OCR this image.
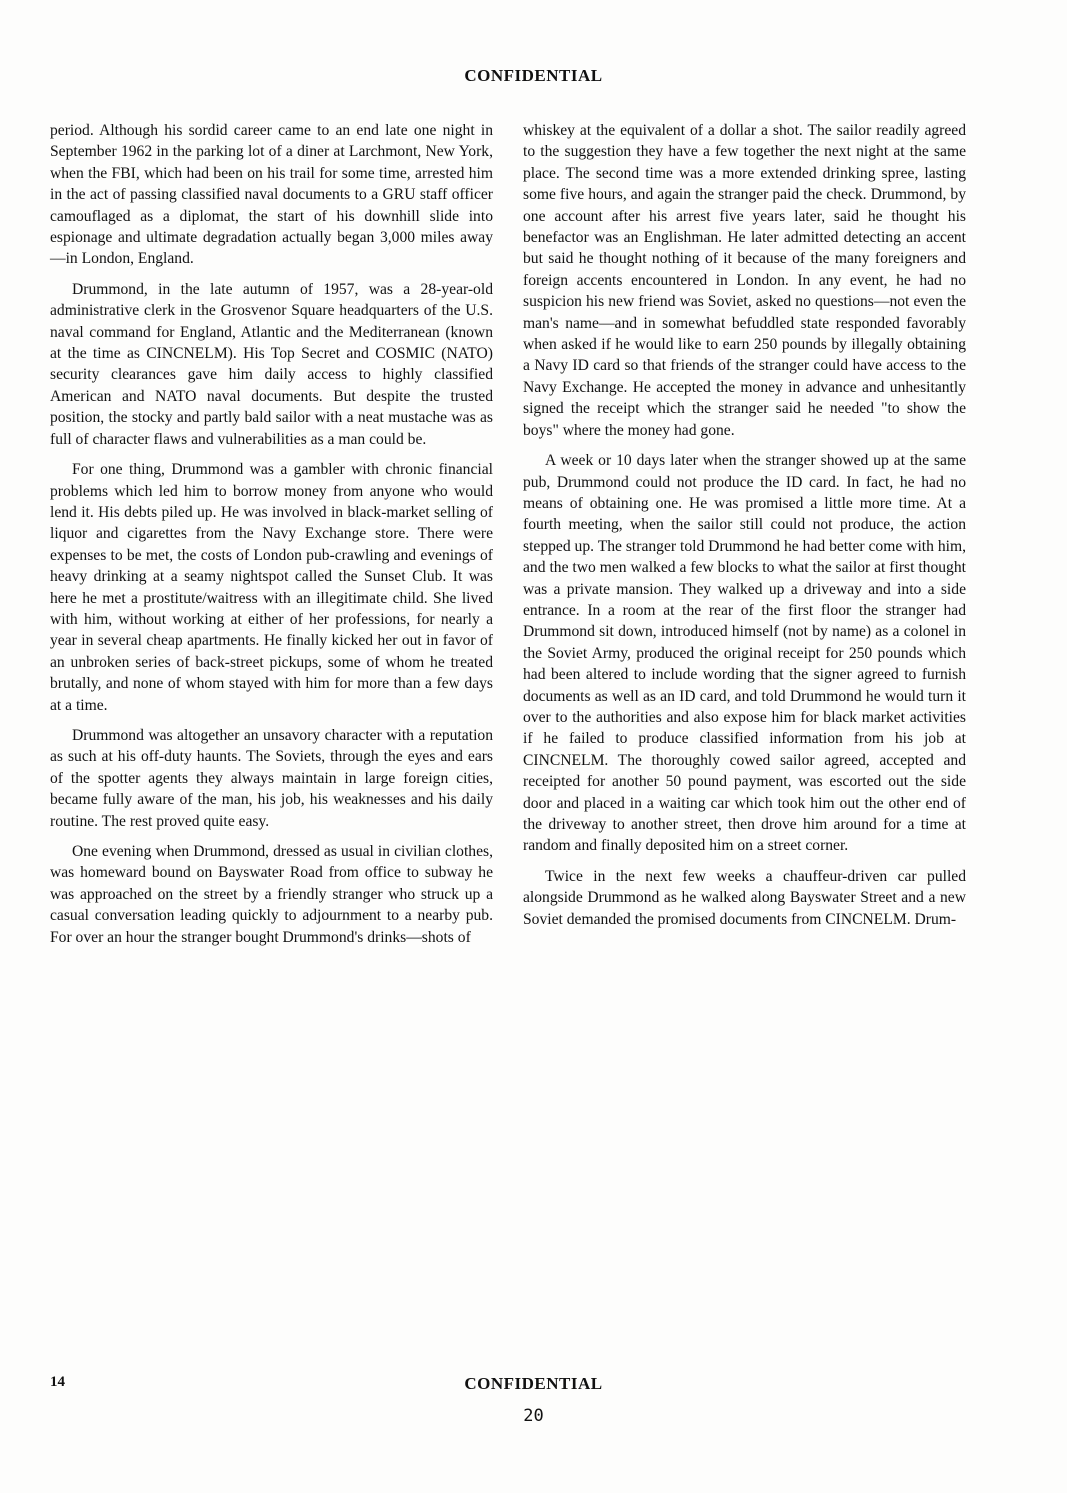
CONFIDENTIAL

period. Although his sordid career came to an end late one night in September 1962 in the parking lot of a diner at Larchmont, New York, when the FBI, which had been on his trail for some time, arrested him in the act of passing classified naval documents to a GRU staff officer camouflaged as a diplomat, the start of his downhill slide into espionage and ultimate degradation actually began 3,000 miles away—in London, England.

Drummond, in the late autumn of 1957, was a 28-year-old administrative clerk in the Grosvenor Square headquarters of the U.S. naval command for England, Atlantic and the Mediterranean (known at the time as CINCNELM). His Top Secret and COSMIC (NATO) security clearances gave him daily access to highly classified American and NATO naval documents. But despite the trusted position, the stocky and partly bald sailor with a neat mustache was as full of character flaws and vulnerabilities as a man could be.

For one thing, Drummond was a gambler with chronic financial problems which led him to borrow money from anyone who would lend it. His debts piled up. He was involved in black-market selling of liquor and cigarettes from the Navy Exchange store. There were expenses to be met, the costs of London pub-crawling and evenings of heavy drinking at a seamy nightspot called the Sunset Club. It was here he met a prostitute/waitress with an illegitimate child. She lived with him, without working at either of her professions, for nearly a year in several cheap apartments. He finally kicked her out in favor of an unbroken series of back-street pickups, some of whom he treated brutally, and none of whom stayed with him for more than a few days at a time.

Drummond was altogether an unsavory character with a reputation as such at his off-duty haunts. The Soviets, through the eyes and ears of the spotter agents they always maintain in large foreign cities, became fully aware of the man, his job, his weaknesses and his daily routine. The rest proved quite easy.

One evening when Drummond, dressed as usual in civilian clothes, was homeward bound on Bayswater Road from office to subway he was approached on the street by a friendly stranger who struck up a casual conversation leading quickly to adjournment to a nearby pub. For over an hour the stranger bought Drummond's drinks—shots of

whiskey at the equivalent of a dollar a shot. The sailor readily agreed to the suggestion they have a few together the next night at the same place. The second time was a more extended drinking spree, lasting some five hours, and again the stranger paid the check. Drummond, by one account after his arrest five years later, said he thought his benefactor was an Englishman. He later admitted detecting an accent but said he thought nothing of it because of the many foreigners and foreign accents encountered in London. In any event, he had no suspicion his new friend was Soviet, asked no questions—not even the man's name—and in somewhat befuddled state responded favorably when asked if he would like to earn 250 pounds by illegally obtaining a Navy ID card so that friends of the stranger could have access to the Navy Exchange. He accepted the money in advance and unhesitantly signed the receipt which the stranger said he needed "to show the boys" where the money had gone.

A week or 10 days later when the stranger showed up at the same pub, Drummond could not produce the ID card. In fact, he had no means of obtaining one. He was promised a little more time. At a fourth meeting, when the sailor still could not produce, the action stepped up. The stranger told Drummond he had better come with him, and the two men walked a few blocks to what the sailor at first thought was a private mansion. They walked up a driveway and into a side entrance. In a room at the rear of the first floor the stranger had Drummond sit down, introduced himself (not by name) as a colonel in the Soviet Army, produced the original receipt for 250 pounds which had been altered to include wording that the signer agreed to furnish documents as well as an ID card, and told Drummond he would turn it over to the authorities and also expose him for black market activities if he failed to produce classified information from his job at CINCNELM. The thoroughly cowed sailor agreed, accepted and receipted for another 50 pound payment, was escorted out the side door and placed in a waiting car which took him out the other end of the driveway to another street, then drove him around for a time at random and finally deposited him on a street corner.

Twice in the next few weeks a chauffeur-driven car pulled alongside Drummond as he walked along Bayswater Street and a new Soviet demanded the promised documents from CINCNELM. Drum-

14	CONFIDENTIAL
20
